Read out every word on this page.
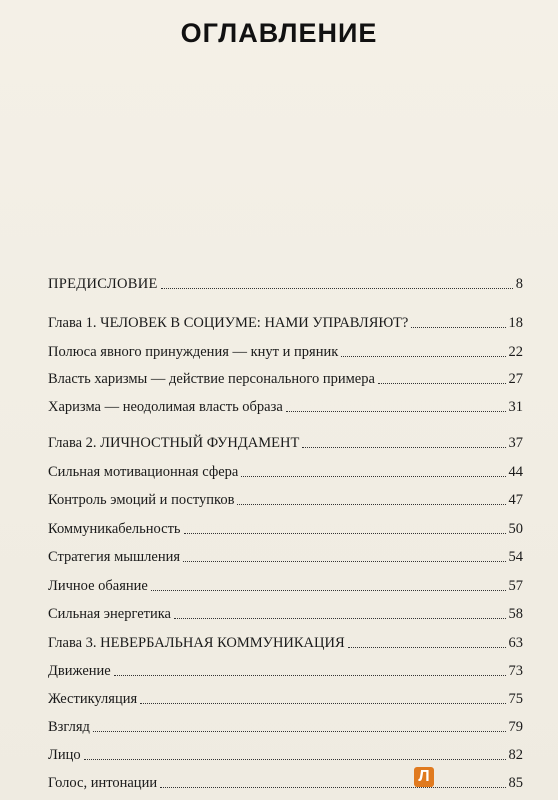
ОГЛАВЛЕНИЕ
ПРЕДИСЛОВИЕ	8
Глава 1. ЧЕЛОВЕК В СОЦИУМЕ: НАМИ УПРАВЛЯЮТ?	18
Полюса явного принуждения — кнут и пряник	22
Власть харизмы — действие персонального примера	27
Харизма — неодолимая власть образа	31
Глава 2. ЛИЧНОСТНЫЙ ФУНДАМЕНТ	37
Сильная мотивационная сфера	44
Контроль эмоций и поступков	47
Коммуникабельность	50
Стратегия мышления	54
Личное обаяние	57
Сильная энергетика	58
Глава 3. НЕВЕРБАЛЬНАЯ КОММУНИКАЦИЯ	63
Движение	73
Жестикуляция	75
Взгляд	79
Лицо	82
Голос, интонации	85
Л
